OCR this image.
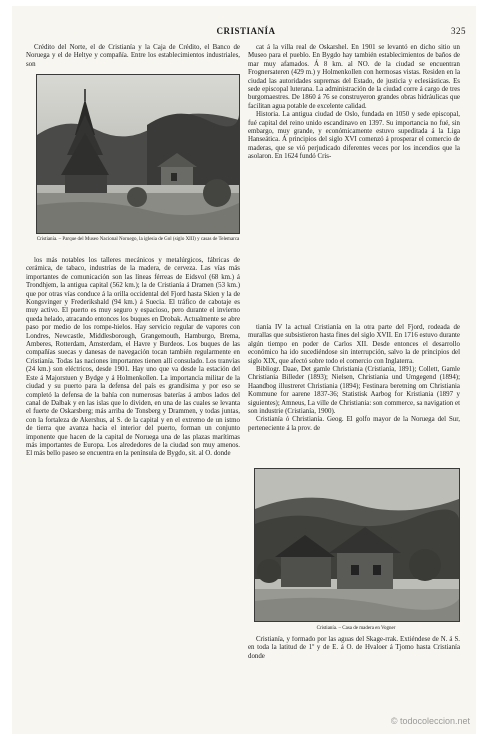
CRISTIANÍA	325

Crédito del Norte, el de Cristianía y la Caja de Crédito, el Banco de Noruega y el de Heltye y compañía. Entre los establecimientos industriales, son

Cristianía. – Parque del Museo Nacional Noruego, la iglesia de Gol (siglo XIII) y casas de Telemarca

cat á la villa real de Oskarshel. En 1901 se levantó en dicho sitio un Museo para el pueblo. En Bygdo hay también establecimientos de baños de mar muy afamados. Á 8 km. al NO. de la ciudad se encuentran Frognersateren (429 m.) y Holmenkollen con hermosas vistas. Residen en la ciudad las autoridades supremas del Estado, de justicia y eclesiásticas. Es sede episcopal luterana. La administración de la ciudad corre á cargo de tres burgomaestres. De 1860 á 76 se construyeron grandes obras hidráulicas que facilitan agua potable de excelente calidad.

Historia. La antigua ciudad de Oslo, fundada en 1050 y sede episcopal, fué capital del reino unido escandinavo en 1397. Su importancia no fué, sin embargo, muy grande, y económicamente estuvo supeditada á la Liga Hanseática. Á principios del siglo XVI comenzó á prosperar el comercio de maderas, que se vió perjudicado diferentes veces por los incendios que la asolaron. En 1624 fundó Cris-

los más notables los talleres mecánicos y metalúrgicos, fábricas de cerámica, de tabaco, industrias de la madera, de cerveza. Las vías más importantes de comunicación son las líneas férreas de Eidsvol (68 km.) á Trondhjem, la antigua capital (562 km.); la de Cristianía á Dramen (53 km.) que por otras vías conduce á la orilla occidental del Fjord hasta Skien y la de Kongsvinger y Frederikshald (94 km.) á Suecia. El tráfico de cabotaje es muy activo. El puerto es muy seguro y espacioso, pero durante el invierno queda helado, atracando entonces los buques en Drobak. Actualmente se abre paso por medio de los rompe-hielos. Hay servicio regular de vapores con Londres, Newcastle, Middlesborough, Grangemouth, Hamburgo, Brema, Amberes, Rotterdam, Amsterdam, el Havre y Burdeos. Los buques de las compañías suecas y danesas de navegación tocan también regularmente en Cristianía. Todas las naciones importantes tienen allí consulado. Los tranvías (24 km.) son eléctricos, desde 1901. Hay uno que va desde la estación del Este á Majorstuen y Bydge y á Holmenkollen. La importancia militar de la ciudad y su puerto para la defensa del país es grandísima y por eso se completó la defensa de la bahía con numerosas baterías á ambos lados del canal de Dalbak y en las islas que lo dividen, en una de las cuales se levanta el fuerte de Oskarsberg; más arriba de Tonsberg y Drammen, y todas juntas, con la fortaleza de Akershus, al S. de la capital y en el extremo de un istmo de tierra que avanza hacia el interior del puerto, forman un conjunto imponente que hacen de la capital de Noruega una de las plazas marítimas más importantes de Europa. Los alrededores de la ciudad son muy amenos. El más bello paseo se encuentra en la península de Bygdo, sit. al O. donde

tianía IV la actual Cristianía en la otra parte del Fjord, rodeada de murallas que subsistieron hasta fines del siglo XVII. En 1716 estuvo durante algún tiempo en poder de Carlos XII. Desde entonces el desarrollo económico ha ido sucediéndose sin interrupción, salvo la de principios del siglo XIX, que afectó sobre todo el comercio con Inglaterra.

Bibliogr. Daae, Det gamle Christiania (Cristianía, 1891); Collett, Gamle Christiania Billeder (1893); Nielsen, Christiania und Umgegend (1894); Haandbog illustreret Christiania (1894); Festinara beretning om Christiania Kommune for aarene 1837-36; Statistisk Aarbog for Kristiania (1897 y siguientes); Amneus, La ville de Christiania: son commerce, sa navigation et son industrie (Cristianía, 1900).

Cristianía ó Christianía. Geog. El golfo mayor de la Noruega del Sur, perteneciente á la prov. de

Cristianía. – Casa de madera en Vogner

Cristianía, y formado por las aguas del Skage-rrak. Extiéndese de N. á S. en toda la latitud de 1º y de E. á O. de Hvaloer á Tjomo hasta Cristianía donde

© todocoleccion.net
